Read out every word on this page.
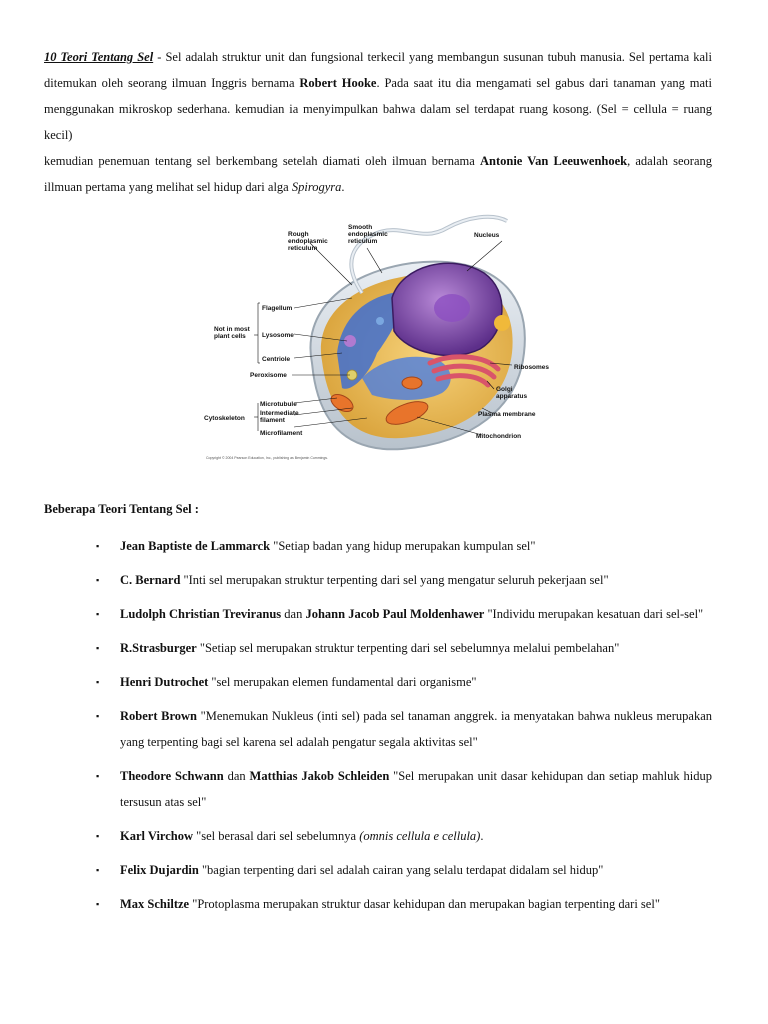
10 Teori Tentang Sel - Sel adalah struktur unit dan fungsional terkecil yang membangun susunan tubuh manusia. Sel pertama kali ditemukan oleh seorang ilmuan Inggris bernama Robert Hooke. Pada saat itu dia mengamati sel gabus dari tanaman yang mati menggunakan mikroskop sederhana. kemudian ia menyimpulkan bahwa dalam sel terdapat ruang kosong. (Sel = cellula = ruang kecil)

kemudian penemuan tentang sel berkembang setelah diamati oleh ilmuan bernama Antonie Van Leeuwenhoek, adalah seorang illmuan pertama yang melihat sel hidup dari alga Spirogyra.

Rough endoplasmic reticulum
Smooth endoplasmic reticulum
Nucleus
Flagellum
Not in most plant cells	Lysosome
Centriole
Peroxisome
Ribosomes
Golgi apparatus
Plasma membrane
Cytoskeleton
Microtubule
Intermediate filament
Microfilament	Mitochondrion
Copyright © 2004 Pearson Education, Inc., publishing as Benjamin Cummings.
Beberapa Teori Tentang Sel :
▪ Jean Baptiste de Lammarck "Setiap badan yang hidup merupakan kumpulan sel"
▪ C. Bernard "Inti sel merupakan struktur terpenting dari sel yang mengatur seluruh pekerjaan sel"
▪ Ludolph Christian Treviranus dan Johann Jacob Paul Moldenhawer "Individu merupakan kesatuan dari sel-sel"
▪ R.Strasburger "Setiap sel merupakan struktur terpenting dari sel sebelumnya melalui pembelahan"
▪ Henri Dutrochet "sel merupakan elemen fundamental dari organisme"
▪ Robert Brown "Menemukan Nukleus (inti sel) pada sel tanaman anggrek. ia menyatakan bahwa nukleus merupakan yang terpenting bagi sel karena sel adalah pengatur segala aktivitas sel"
▪ Theodore Schwann dan Matthias Jakob Schleiden "Sel merupakan unit dasar kehidupan dan setiap mahluk hidup tersusun atas sel"
▪ Karl Virchow "sel berasal dari sel sebelumnya (omnis cellula e cellula).
▪ Felix Dujardin "bagian terpenting dari sel adalah cairan yang selalu terdapat didalam sel hidup"
▪ Max Schiltze "Protoplasma merupakan struktur dasar kehidupan dan merupakan bagian terpenting dari sel"
